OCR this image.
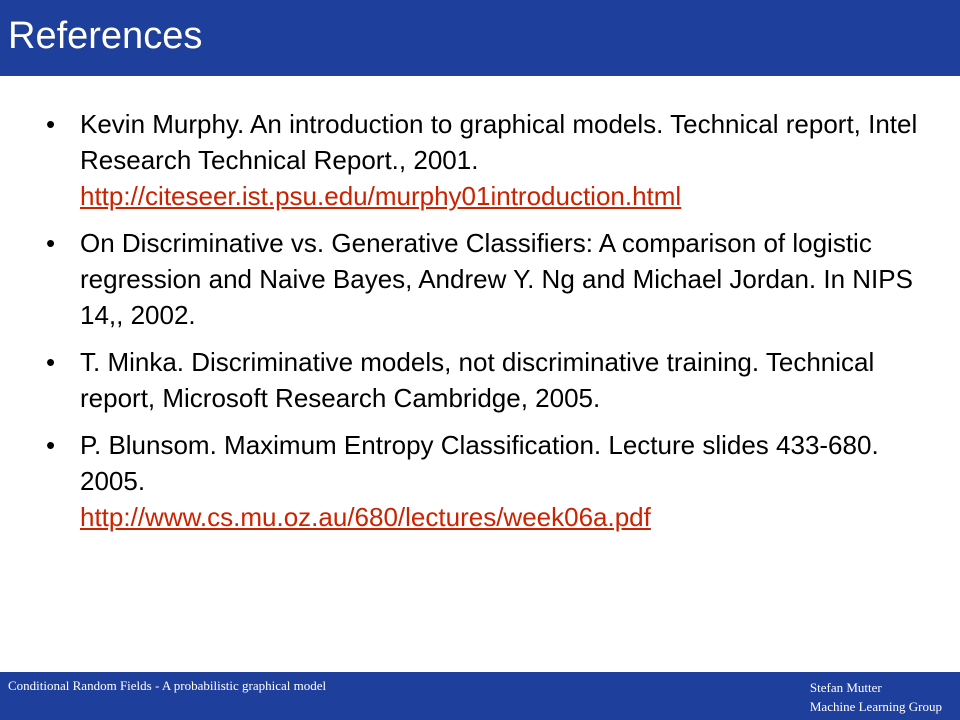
References
• Kevin Murphy. An introduction to graphical models. Technical report, Intel Research Technical Report., 2001.
http://citeseer.ist.psu.edu/murphy01introduction.html
• On Discriminative vs. Generative Classifiers: A comparison of logistic regression and Naive Bayes, Andrew Y. Ng and Michael Jordan. In NIPS 14,, 2002.
• T. Minka. Discriminative models, not discriminative training. Technical report, Microsoft Research Cambridge, 2005.
• P. Blunsom. Maximum Entropy Classification. Lecture slides 433-680. 2005.
http://www.cs.mu.oz.au/680/lectures/week06a.pdf
Conditional Random Fields - A probabilistic graphical model	Stefan Mutter
Machine Learning Group
